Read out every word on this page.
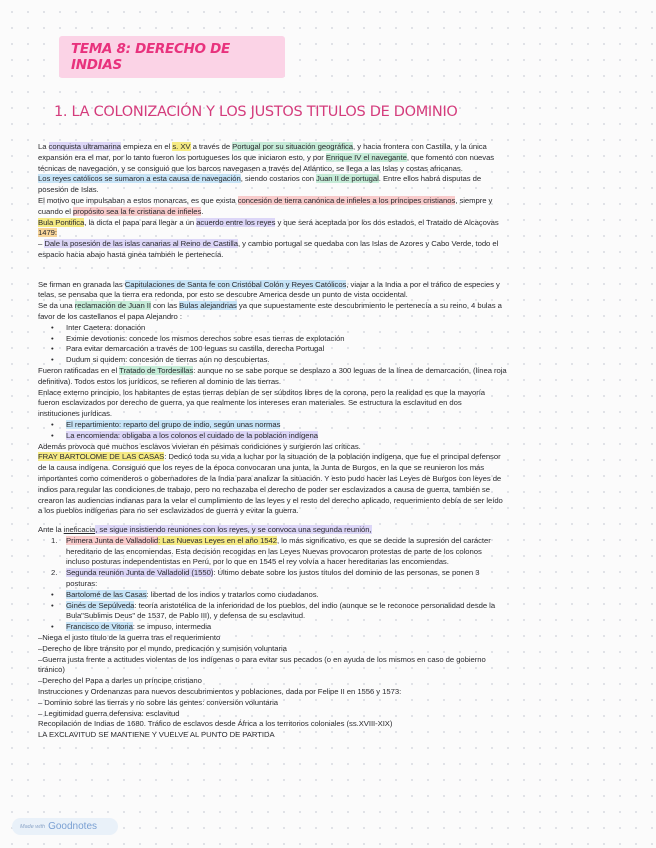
TEMA 8: DERECHO DE INDIAS
1. LA COLONIZACIÓN Y LOS JUSTOS TITULOS DE DOMINIO

La conquista ultramarina empieza en el s. XV a través de Portugal por su situación geográfica, y hacia frontera con Castilla, y la única

expansión era el mar, por lo tanto fueron los portugueses los que iniciaron esto, y por Enrique IV el navegante, que fomentó con nuevas

técnicas de navegación, y se consiguió que los barcos navegasen a través del Atlántico, se llega a las Islas y costas africanas.

Los reyes católicos se sumaron a esta causa de navegación, siendo costarios con Juan II de portugal. Entre ellos habrá disputas de

posesión de Islas.

El motivo que impulsaban a estos monarcas, es que exista concesión de tierra canónica de infieles a los príncipes cristianos, siempre y

cuando el propósito sea la fe cristiana de infieles.

Bula Pontifica, la dicta el papa para llegar a un acuerdo entre los reyes y que será aceptada por los dos estados, el Tratado de Alcaçovas

1479:

– Dale la posesión de las islas canarias al Reino de Castilla, y cambio portugal se quedaba con las Islas de Azores y Cabo Verde, todo el

espacio hacia abajo hasta ginea también le pertenecía.

Se firman en granada las Capitulaciones de Santa fe con Cristóbal Colón y Reyes Católicos, viajar a la India a por el tráfico de especies y

telas, se pensaba que la tierra era redonda, por esto se descubre America desde un punto de vista occidental.

Se da una reclamación de Juan II con las Bulas alejandrias ya que supuestamente este descubrimiento le pertenecía a su reino, 4 bulas a

favor de los castellanos el papa Alejandro :

• Inter Caetera: donación

• Eximie devotionis: concede los mismos derechos sobre esas tierras de explotación

• Para evitar demarcación a través de 100 leguas su castilla, derecha Portugal

• Dudum si quidem: concesión de tierras aún no descubiertas.

Fueron ratificadas en el Tratado de Tordesillas: aunque no se sabe porque se desplazo a 300 leguas de la línea de demarcación, (línea roja

definitiva). Todos estos los jurídicos, se refieren al dominio de las tierras.

Enlace externo principio, los habitantes de estas tierras debían de ser súbditos libres de la corona, pero la realidad es que la mayoría

fueron esclavizados por derecho de guerra, ya que realmente los intereses eran materiales. Se estructura la esclavitud en dos

instituciones jurídicas.

• El repartimiento: reparto del grupo de indio, según unas normas

• La encomienda: obligaba a los colonos el cuidado de la población indígena

Además provoca que muchos esclavos vivieran en pésimas condiciones y surgieron las críticas.

FRAY BARTOLOME DE LAS CASAS: Dedicó toda su vida a luchar por la situación de la población indígena, que fue el principal defensor

de la causa indígena. Consiguió que los reyes de la época convocaran una junta, la Junta de Burgos, en la que se reunieron los más

importantes como comenderos o gobernadores de la India para analizar la situación. Y esto pudo hacer las Leyes de Burgos con leyes de

indios para regular las condiciones de trabajo, pero no rechazaba el derecho de poder ser esclavizados a causa de guerra, también se

crearon las audiencias indianas para la velar el cumplimiento de las leyes y el resto del derecho aplicado, requerimiento debía de ser leído

a los pueblos indígenas para no ser esclavizados de guerra y evitar la guerra.

Ante la ineficacia, se sigue insistiendo reuniones con los reyes, y se convoca una segunda reunión,

1. Primera Junta de Valladolid: Las Nuevas Leyes en el año 1542, lo más significativo, es que se decide la supresión del carácter

hereditario de las encomiendas. Esta decisión recogidas en las Leyes Nuevas provocaron protestas de parte de los colonos

incluso posturas independentistas en Perú, por lo que en 1545 el rey volvía a hacer hereditarias las encomiendas.

2. Segunda reunión Junta de Valladolid (1550): Último debate sobre los justos títulos del dominio de las personas, se ponen 3

posturas:

• Bartolomé de las Casas: libertad de los indios y tratarlos como ciudadanos.

• Ginés de Sepúlveda: teoría aristotélica de la inferioridad de los pueblos, del indio (aunque se le reconoce personalidad desde la

Bula"Sublimis Deus" de 1537, de Pablo III), y defensa de su esclavitud.

• Francisco de Vitoria: se impuso, intermedia

–Niega el justo título de la guerra tras el requerimiento

–Derecho de libre tránsito por el mundo, predicación y sumisión voluntaria

–Guerra justa frente a actitudes violentas de los indígenas o para evitar sus pecados (o en ayuda de los mismos en caso de gobierno

tiránico)

–Derecho del Papa a darles un príncipe cristiano

Instrucciones y Ordenanzas para nuevos descubrimientos y poblaciones, dada por Felipe II en 1556 y 1573:

– Dominio sobre las tierras y no sobre las gentes: conversión voluntaria

– Legitimidad guerra defensiva: esclavitud

Recopilación de Indias de 1680. Tráfico de esclavos desde África a los territorios coloniales (ss.XVIII-XIX)

LA EXCLAVITUD SE MANTIENE Y VUELVE AL PUNTO DE PARTIDA

Made with Goodnotes
